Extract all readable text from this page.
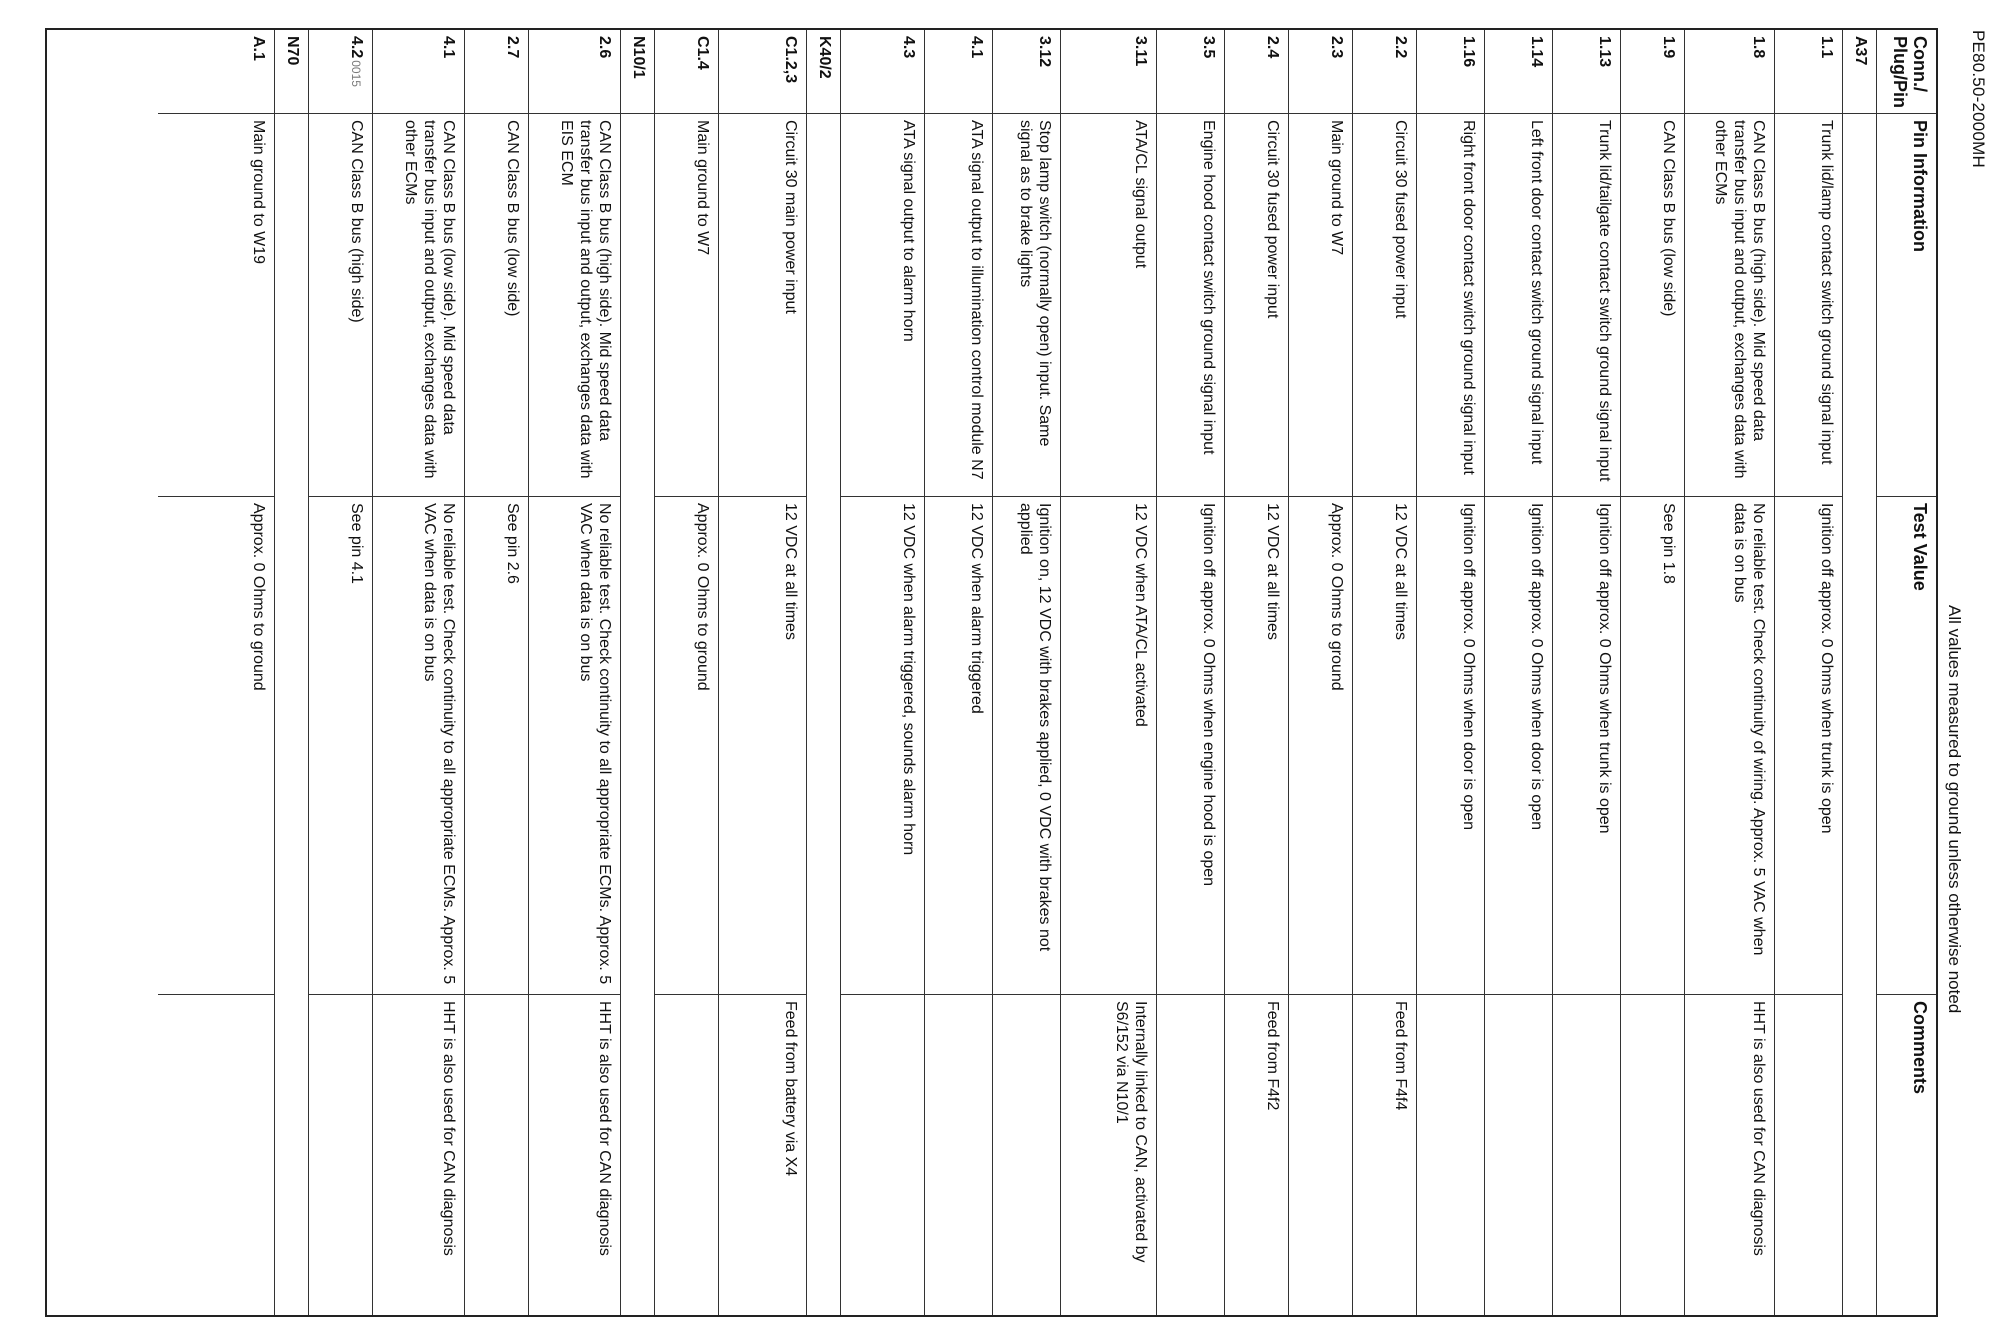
PE80.50-2000MH
All values measured to ground unless otherwise noted
Conn./ Plug/Pin
Pin Information
Test Value
Comments
A37
1.1
Trunk lid/lamp contact switch ground signal input
Ignition off approx. 0 Ohms when trunk is open
1.8
CAN Class B bus (high side). Mid speed data transfer bus input and output, exchanges data with other ECMs
No reliable test. Check continuity of wiring. Approx. 5 VAC when data is on bus
HHT is also used for CAN diagnosis
1.9
CAN Class B bus (low side)
See pin 1.8
1.13
Trunk lid/tailgate contact switch ground signal input
Ignition off approx. 0 Ohms when trunk is open
1.14
Left front door contact switch ground signal input
Ignition off approx. 0 Ohms when door is open
1.16
Right front door contact switch ground signal input
Ignition off approx. 0 Ohms when door is open
2.2
Circuit 30 fused power input
12 VDC at all times
Feed from F4f4
2.3
Main ground to W7
Approx. 0 Ohms to ground
2.4
Circuit 30 fused power input
12 VDC at all times
Feed from F4f2
3.5
Engine hood contact switch ground signal input
Ignition off approx. 0 Ohms when engine hood is open
3.11
ATA/CL signal output
12 VDC when ATA/CL activated
Internally linked to CAN, activated by S6/152 via N10/1
3.12
Stop lamp switch (normally open) input. Same signal as to brake lights
Ignition on, 12 VDC with brakes applied, 0 VDC with brakes not applied
4.1
ATA signal output to illumination control module N7
12 VDC when alarm triggered
4.3
ATA signal output to alarm horn
12 VDC when alarm triggered, sounds alarm horn
K40/2
C1.2,3
Circuit 30 main power input
12 VDC at all times
Feed from battery via X4
C1.4
Main ground to W7
Approx. 0 Ohms to ground
N10/1
2.6
CAN Class B bus (high side). Mid speed data transfer bus input and output, exchanges data with EIS ECM
No reliable test. Check continuity to all appropriate ECMs. Approx. 5 VAC when data is on bus
HHT is also used for CAN diagnosis
2.7
CAN Class B bus (low side)
See pin 2.6
4.1
CAN Class B bus (low side). Mid speed data transfer bus input and output, exchanges data with other ECMs
No reliable test. Check continuity to all appropriate ECMs. Approx. 5 VAC when data is on bus
HHT is also used for CAN diagnosis
4.20015
CAN Class B bus (high side)
See pin 4.1
N70
A.1
Main ground to W19
Approx. 0 Ohms to ground
